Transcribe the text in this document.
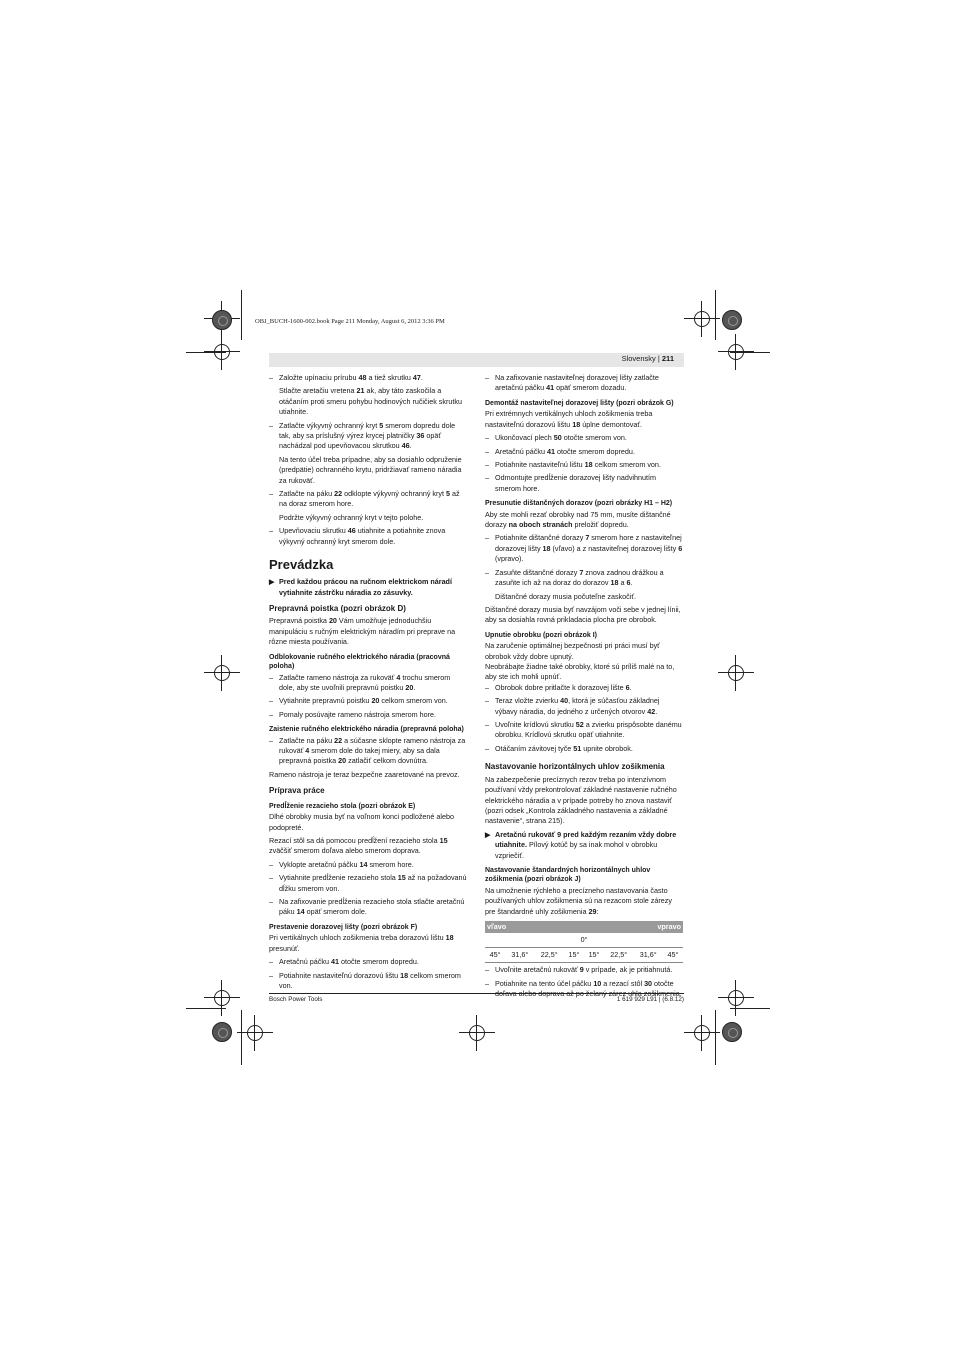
OBJ_BUCH-1600-002.book Page 211 Monday, August 6, 2012 3:36 PM
Slovensky | 211

– Založte upínaciu prírubu 48 a tiež skrutku 47.

Stlačte aretačiu vretena 21 ak, aby táto zaskočila a otáčaním proti smeru pohybu hodinových ručičiek skrutku utiahnite.

– Zatlačte výkyvný ochranný kryt 5 smerom dopredu dole tak, aby sa príslušný výrez krycej platničky 36 opäť nachádzal pod upevňovacou skrutkou 46.

Na tento účel treba prípadne, aby sa dosiahlo odpruženie (predpätie) ochranného krytu, pridržiavať rameno náradia za rukoväť.

– Zatlačte na páku 22 odklopte výkyvný ochranný kryt 5 až na doraz smerom hore.

Podržte výkyvný ochranný kryt v tejto polohe.

– Upevňovaciu skrutku 46 utiahnite a potiahnite znova výkyvný ochranný kryt smerom dole.

Prevádzka

▶ Pred každou prácou na ručnom elektrickom náradí vytiahnite zástrčku náradia zo zásuvky.

Prepravná poistka (pozri obrázok D)

Prepravná poistka 20 Vám umožňuje jednoduchšiu manipuláciu s ručným elektrickým náradím pri preprave na rôzne miesta používania.

Odblokovanie ručného elektrického náradia (pracovná poloha)

– Zatlačte rameno nástroja za rukoväť 4 trochu smerom dole, aby ste uvoľnili prepravnú poistku 20.

– Vytiahnite prepravnú poistku 20 celkom smerom von.

– Pomaly posúvajte rameno nástroja smerom hore.

Zaistenie ručného elektrického náradia (prepravná poloha)

– Zatlačte na páku 22 a súčasne sklopte rameno nástroja za rukoväť 4 smerom dole do takej miery, aby sa dala prepravná poistka 20 zatlačiť celkom dovnútra.

Rameno nástroja je teraz bezpečne zaaretované na prevoz.

Príprava práce
Predĺženie rezacieho stola (pozri obrázok E)

Dlhé obrobky musia byť na voľnom konci podložené alebo podopreté.

Rezací stôl sa dá pomocou predĺžení rezacieho stola 15 zväčšiť smerom doľava alebo smerom doprava.

– Vyklopte aretačnú páčku 14 smerom hore.

– Vytiahnite predĺženie rezacieho stola 15 až na požadovanú dĺžku smerom von.

– Na zafixovanie predĺženia rezacieho stola stlačte aretačnú páku 14 opäť smerom dole.

Prestavenie dorazovej lišty (pozri obrázok F)

Pri vertikálnych uhloch zošikmenia treba dorazovú lištu 18 presunúť.

– Aretačnú páčku 41 otočte smerom dopredu.

– Potiahnite nastaviteľnú dorazovú lištu 18 celkom smerom von.

– Na zafixovanie nastaviteľnej dorazovej lišty zatlačte aretačnú páčku 41 opäť smerom dozadu.

Demontáž nastaviteľnej dorazovej lišty (pozri obrázok G)

Pri extrémnych vertikálnych uhloch zošikmenia treba nastaviteľnú dorazovú lištu 18 úplne demontovať.

– Ukončovací plech 50 otočte smerom von.

– Aretačnú páčku 41 otočte smerom dopredu.

– Potiahnite nastaviteľnú lištu 18 celkom smerom von.

– Odmontujte predĺženie dorazovej lišty nadvihnutím smerom hore.

Presunutie dištančných dorazov (pozri obrázky H1 – H2)

Aby ste mohli rezať obrobky nad 75 mm, musíte dištančné dorazy na oboch stranách preložiť dopredu.

– Potiahnite dištančné dorazy 7 smerom hore z nastaviteľnej dorazovej lišty 18 (vľavo) a z nastaviteľnej dorazovej lišty 6 (vpravo).

– Zasuňte dištančné dorazy 7 znova zadnou drážkou a zasuňte ich až na doraz do dorazov 18 a 6.

Dištančné dorazy musia počuteľne zaskočiť.

Dištančné dorazy musia byť navzájom voči sebe v jednej línii, aby sa dosiahla rovná prikladacia plocha pre obrobok.

Upnutie obrobku (pozri obrázok I)

Na zaručenie optimálnej bezpečnosti pri práci musí byť obrobok vždy dobre upnutý.

Neobrábajte žiadne také obrobky, ktoré sú príliš malé na to, aby ste ich mohli upnúť.

– Obrobok dobre pritlačte k dorazovej lište 6.

– Teraz vložte zvierku 40, ktorá je súčasťou základnej výbavy náradia, do jedného z určených otvorov 42.

– Uvoľnite krídlovú skrutku 52 a zvierku prispôsobte danému obrobku. Krídlovú skrutku opäť utiahnite.

– Otáčaním závitovej tyče 51 upnite obrobok.

Nastavovanie horizontálnych uhlov zošikmenia

Na zabezpečenie precíznych rezov treba po intenzívnom používaní vždy prekontrolovať základné nastavenie ručného elektrického náradia a v prípade potreby ho znova nastaviť (pozri odsek „Kontrola základného nastavenia a základné nastavenie“, strana 215).

▶ Aretačnú rukoväť 9 pred každým rezaním vždy dobre utiahnite. Pílový kotúč by sa inak mohol v obrobku vzpriečiť.

Nastavovanie štandardných horizontálnych uhlov zošikmenia (pozri obrázok J)

Na umožnenie rýchleho a precízneho nastavovania často používaných uhlov zošikmenia sú na rezacom stole zárezy pre štandardné uhly zošikmenia 29:

vľavo				vpravo			
0°							
45°	31,6°	22,5°	15°	15°	22,5°	31,6°	45°

– Uvoľnite aretačnú rukoväť 9 v prípade, ak je pritiahnutá.

– Potiahnite na tento účel páčku 10 a rezací stôl 30 otočte doľava alebo doprava až po želaný zárez uhla zošikmenia.

Bosch Power Tools	1 619 929 L91 | (6.8.12)
